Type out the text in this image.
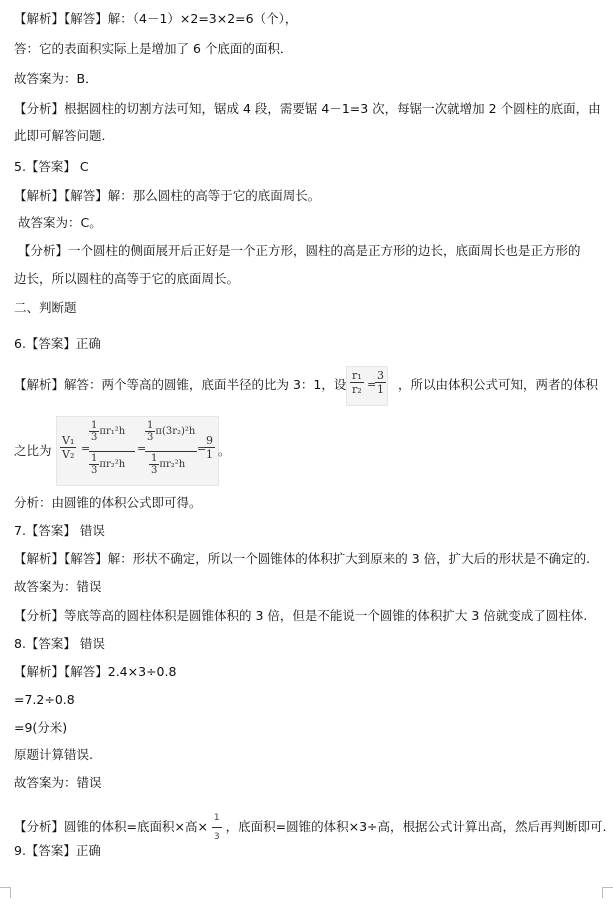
【解析】【解答】解：（4－1）×2=3×2=6（个），
答：它的表面积实际上是增加了 6 个底面的面积．
故答案为：B．
【分析】根据圆柱的切割方法可知，锯成 4 段，需要锯 4－1=3 次，每锯一次就增加 2 个圆柱的底面，由
此即可解答问题．
5.【答案】 C
【解析】【解答】解：那么圆柱的高等于它的底面周长。
故答案为：C。
【分析】一个圆柱的侧面展开后正好是一个正方形，圆柱的高是正方形的边长，底面周长也是正方形的
边长，所以圆柱的高等于它的底面周长。
二、判断题
6.【答案】正确
【解析】解答：两个等高的圆锥，底面半径的比为 3：1，设 $\frac{\text{r₁}}{\text{r₂}}$ =
$\frac{3}{1}$ ，所以由体积公式可知，两者的体积
之比为 $\frac{\text{V₁}}{\text{V₂}}$ =
$\frac{1}{3} \pi r_1^2h$
$\frac{1}{3} \pi r_2^2h$
=
$\frac{1}{3} \pi(3r_2)^2h$
$\frac{1}{3} \pi r_2^2h$
=
$\frac{9}{1}$ 。
分析：由圆锥的体积公式即可得。
7.【答案】 错误
【解析】【解答】解：形状不确定，所以一个圆锥体的体积扩大到原来的 3 倍，扩大后的形状是不确定的.
故答案为：错误
【分析】等底等高的圆柱体积是圆锥体积的 3 倍，但是不能说一个圆锥的体积扩大 3 倍就变成了圆柱体.
8.【答案】 错误
【解析】【解答】2.4×3÷0.8
=7.2÷0.8
=9(分米)
原题计算错误.
故答案为：错误
【分析】圆锥的体积=底面积×高× $\frac{1}{3}$ ，底面积=圆锥的体积×3÷高，根据公式计算出高，然后再判断即可.
9.【答案】正确
